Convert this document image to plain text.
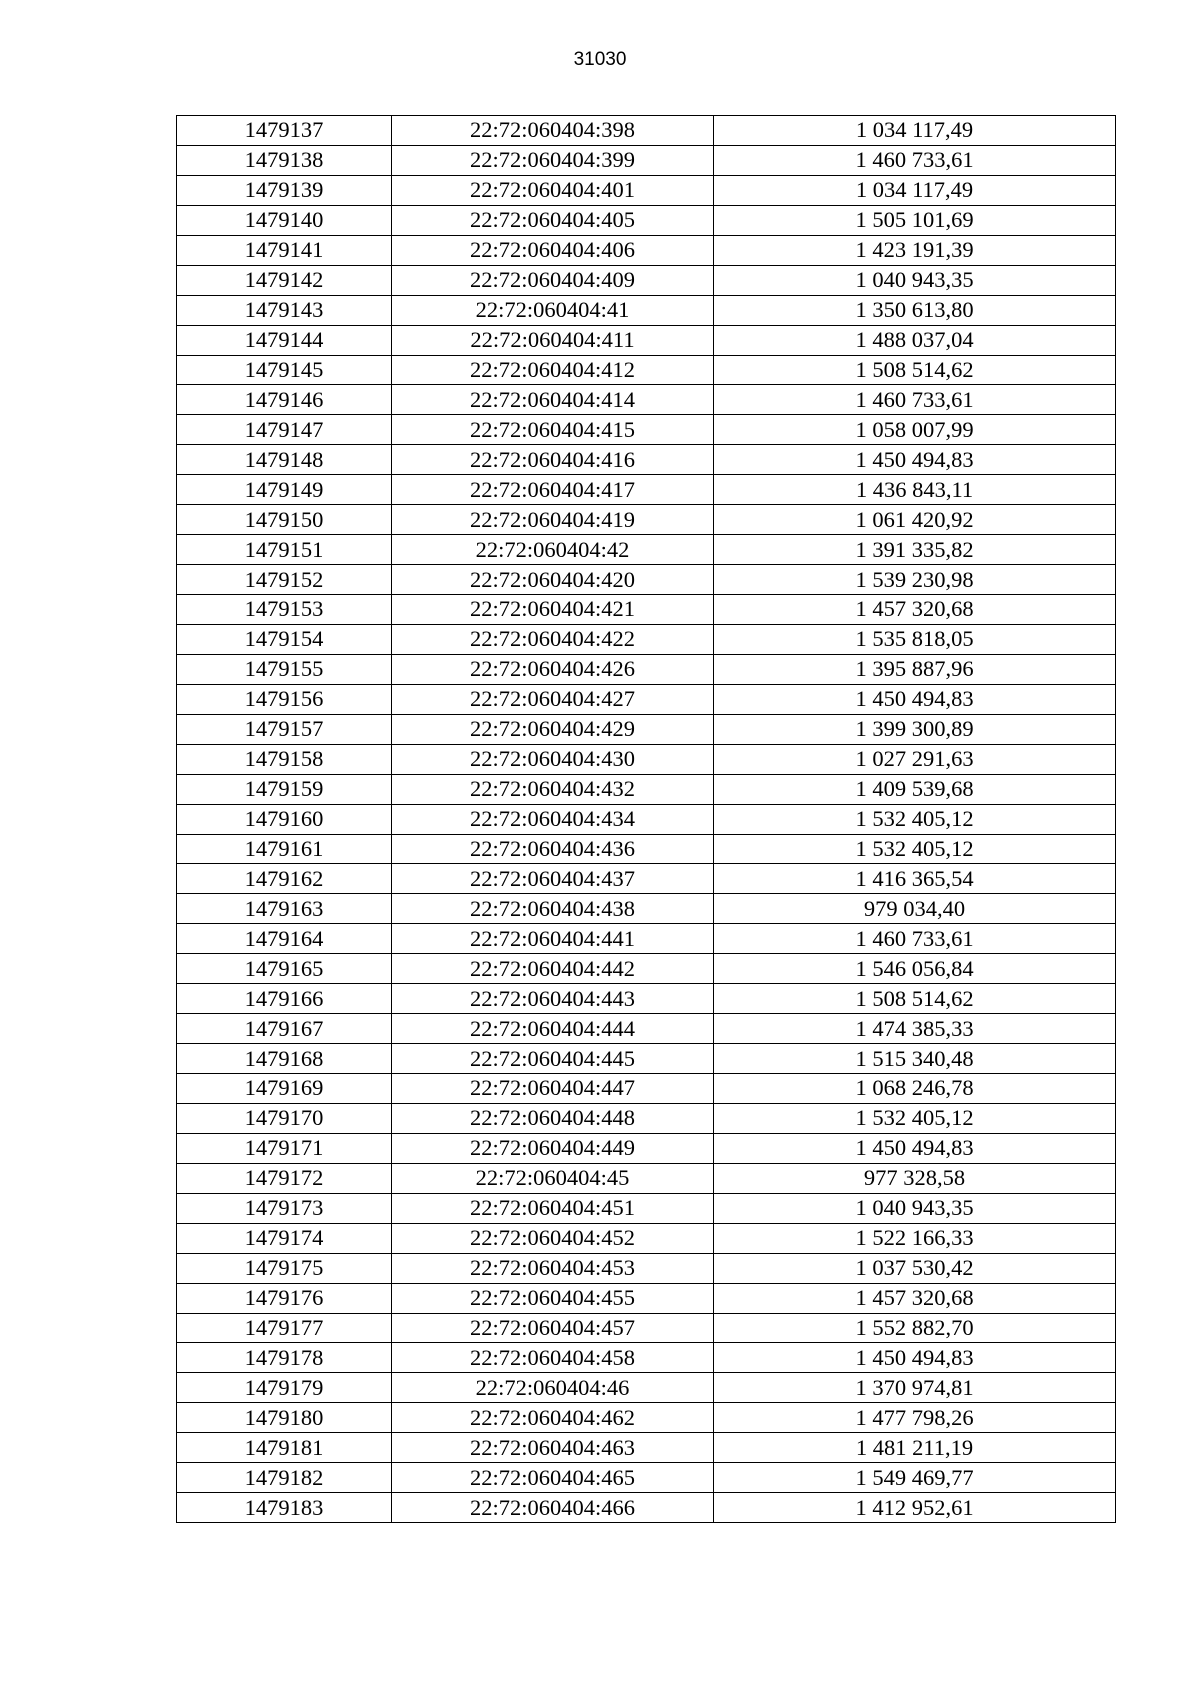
31030
1479137	22:72:060404:398	1 034 117,49
1479138	22:72:060404:399	1 460 733,61
1479139	22:72:060404:401	1 034 117,49
1479140	22:72:060404:405	1 505 101,69
1479141	22:72:060404:406	1 423 191,39
1479142	22:72:060404:409	1 040 943,35
1479143	22:72:060404:41	1 350 613,80
1479144	22:72:060404:411	1 488 037,04
1479145	22:72:060404:412	1 508 514,62
1479146	22:72:060404:414	1 460 733,61
1479147	22:72:060404:415	1 058 007,99
1479148	22:72:060404:416	1 450 494,83
1479149	22:72:060404:417	1 436 843,11
1479150	22:72:060404:419	1 061 420,92
1479151	22:72:060404:42	1 391 335,82
1479152	22:72:060404:420	1 539 230,98
1479153	22:72:060404:421	1 457 320,68
1479154	22:72:060404:422	1 535 818,05
1479155	22:72:060404:426	1 395 887,96
1479156	22:72:060404:427	1 450 494,83
1479157	22:72:060404:429	1 399 300,89
1479158	22:72:060404:430	1 027 291,63
1479159	22:72:060404:432	1 409 539,68
1479160	22:72:060404:434	1 532 405,12
1479161	22:72:060404:436	1 532 405,12
1479162	22:72:060404:437	1 416 365,54
1479163	22:72:060404:438	979 034,40
1479164	22:72:060404:441	1 460 733,61
1479165	22:72:060404:442	1 546 056,84
1479166	22:72:060404:443	1 508 514,62
1479167	22:72:060404:444	1 474 385,33
1479168	22:72:060404:445	1 515 340,48
1479169	22:72:060404:447	1 068 246,78
1479170	22:72:060404:448	1 532 405,12
1479171	22:72:060404:449	1 450 494,83
1479172	22:72:060404:45	977 328,58
1479173	22:72:060404:451	1 040 943,35
1479174	22:72:060404:452	1 522 166,33
1479175	22:72:060404:453	1 037 530,42
1479176	22:72:060404:455	1 457 320,68
1479177	22:72:060404:457	1 552 882,70
1479178	22:72:060404:458	1 450 494,83
1479179	22:72:060404:46	1 370 974,81
1479180	22:72:060404:462	1 477 798,26
1479181	22:72:060404:463	1 481 211,19
1479182	22:72:060404:465	1 549 469,77
1479183	22:72:060404:466	1 412 952,61
